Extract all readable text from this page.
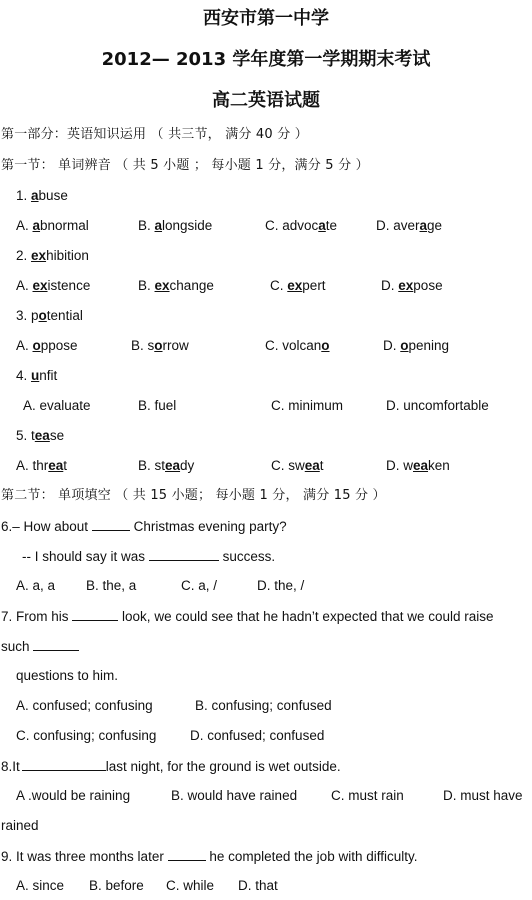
西安市第一中学
2012— 2013 学年度第一学期期末考试
高二英语试题
第一部分：英语知识运用 （ 共三节， 满分 40 分 ）
第一节： 单词辨音 （ 共 5 小题 ； 每小题 1 分，满分 5 分 ）
1. abuse
A. abnormal	B. alongside	C. advocate	D. average
2. exhibition
A. existence	B. exchange	C. expert	D. expose
3. potential
A. oppose	B. sorrow	C. volcano	D. opening
4. unfit
A. evaluate	B. fuel	C. minimum	D. uncomfortable
5. tease
A. threat	B. steady	C. sweat	D. weaken
第二节： 单项填空 （ 共 15 小题； 每小题 1 分， 满分 15 分 ）
6.– How about	Christmas evening party?
-- I should say it was	success.
A. a, a B. the, a	C. a, /	D. the, /
7. From his	look, we could see that he hadn’t expected that we could raise
such
questions to him.
A. confused; confusing	B. confusing; confused
C. confusing; confusing D. confused; confused
8.It	last night, for the ground is wet outside.
A .would be raining	B. would have rained	C. must rain	D. must have
rained
9. It was three months later	he completed the job with difficulty.
A. since B. before C. while D. that
